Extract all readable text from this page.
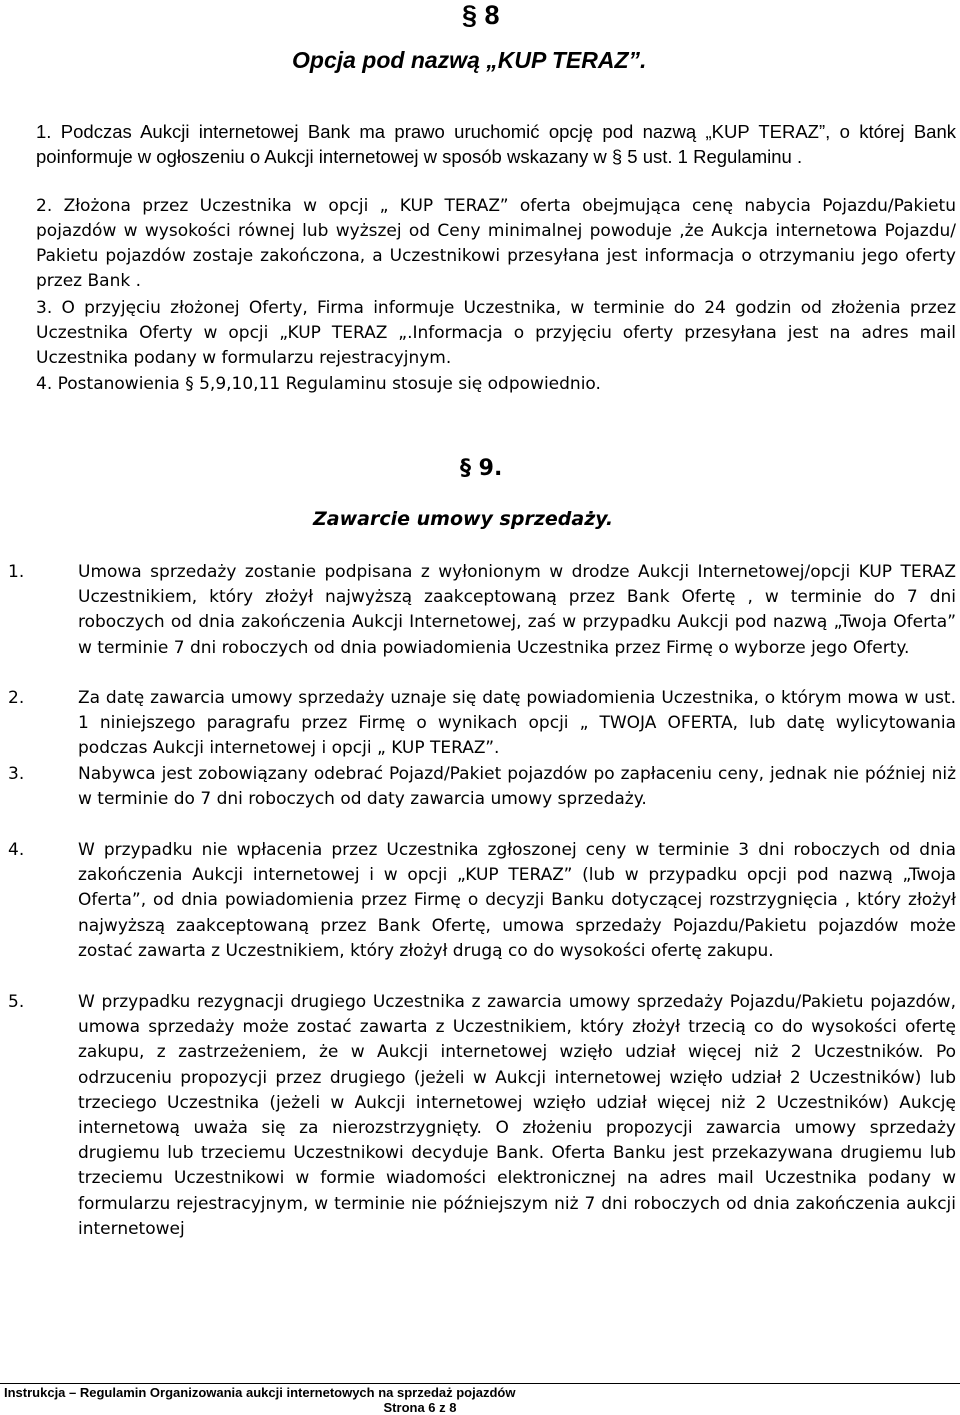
§ 8
Opcja pod nazwą „KUP TERAZ”.
1. Podczas Aukcji internetowej Bank ma prawo uruchomić opcję pod nazwą „KUP TERAZ”, o której Bank poinformuje w ogłoszeniu o Aukcji internetowej w sposób wskazany w § 5 ust. 1 Regulaminu .
2. Złożona przez Uczestnika w opcji „ KUP TERAZ” oferta obejmująca cenę nabycia Pojazdu/Pakietu pojazdów w wysokości równej lub wyższej od Ceny minimalnej powoduje ,że Aukcja internetowa Pojazdu/ Pakietu pojazdów zostaje zakończona, a Uczestnikowi przesyłana jest informacja o otrzymaniu jego oferty przez Bank .
3. O przyjęciu złożonej Oferty, Firma informuje Uczestnika, w terminie do 24 godzin od złożenia przez Uczestnika Oferty w opcji „KUP TERAZ „.Informacja o przyjęciu oferty przesyłana jest na adres mail Uczestnika podany w formularzu rejestracyjnym.
4. Postanowienia § 5,9,10,11 Regulaminu stosuje się odpowiednio.
§ 9.
Zawarcie umowy sprzedaży.
1.	Umowa sprzedaży zostanie podpisana z wyłonionym w drodze Aukcji Internetowej/opcji KUP TERAZ Uczestnikiem, który złożył najwyższą zaakceptowaną przez Bank Ofertę , w terminie do 7 dni roboczych od dnia zakończenia Aukcji Internetowej, zaś w przypadku Aukcji pod nazwą „Twoja Oferta” w terminie 7 dni roboczych od dnia powiadomienia Uczestnika przez Firmę o wyborze jego Oferty.
2.	Za datę zawarcia umowy sprzedaży uznaje się datę powiadomienia Uczestnika, o którym mowa w ust. 1 niniejszego paragrafu przez Firmę o wynikach opcji „ TWOJA OFERTA, lub datę wylicytowania podczas Aukcji internetowej i opcji „ KUP TERAZ”.
3.	Nabywca jest zobowiązany odebrać Pojazd/Pakiet pojazdów po zapłaceniu ceny, jednak nie później niż w terminie do 7 dni roboczych od daty zawarcia umowy sprzedaży.
4.	W przypadku nie wpłacenia przez Uczestnika zgłoszonej ceny w terminie 3 dni roboczych od dnia zakończenia Aukcji internetowej i w opcji „KUP TERAZ” (lub w przypadku opcji pod nazwą „Twoja Oferta”, od dnia powiadomienia przez Firmę o decyzji Banku dotyczącej rozstrzygnięcia , który złożył najwyższą zaakceptowaną przez Bank Ofertę, umowa sprzedaży Pojazdu/Pakietu pojazdów może zostać zawarta z Uczestnikiem, który złożył drugą co do wysokości ofertę zakupu.
5.	W przypadku rezygnacji drugiego Uczestnika z zawarcia umowy sprzedaży Pojazdu/Pakietu pojazdów, umowa sprzedaży może zostać zawarta z Uczestnikiem, który złożył trzecią co do wysokości ofertę zakupu, z zastrzeżeniem, że w Aukcji internetowej wzięło udział więcej niż 2 Uczestników. Po odrzuceniu propozycji przez drugiego (jeżeli w Aukcji internetowej wzięło udział 2 Uczestników) lub trzeciego Uczestnika (jeżeli w Aukcji internetowej wzięło udział więcej niż 2 Uczestników) Aukcję internetową uważa się za nierozstrzygnięty. O złożeniu propozycji zawarcia umowy sprzedaży drugiemu lub trzeciemu Uczestnikowi decyduje Bank. Oferta Banku jest przekazywana drugiemu lub trzeciemu Uczestnikowi w formie wiadomości elektronicznej na adres mail Uczestnika podany w formularzu rejestracyjnym, w terminie nie późniejszym niż 7 dni roboczych od dnia zakończenia aukcji internetowej
Instrukcja – Regulamin Organizowania aukcji internetowych na sprzedaż pojazdów
Strona 6 z 8
